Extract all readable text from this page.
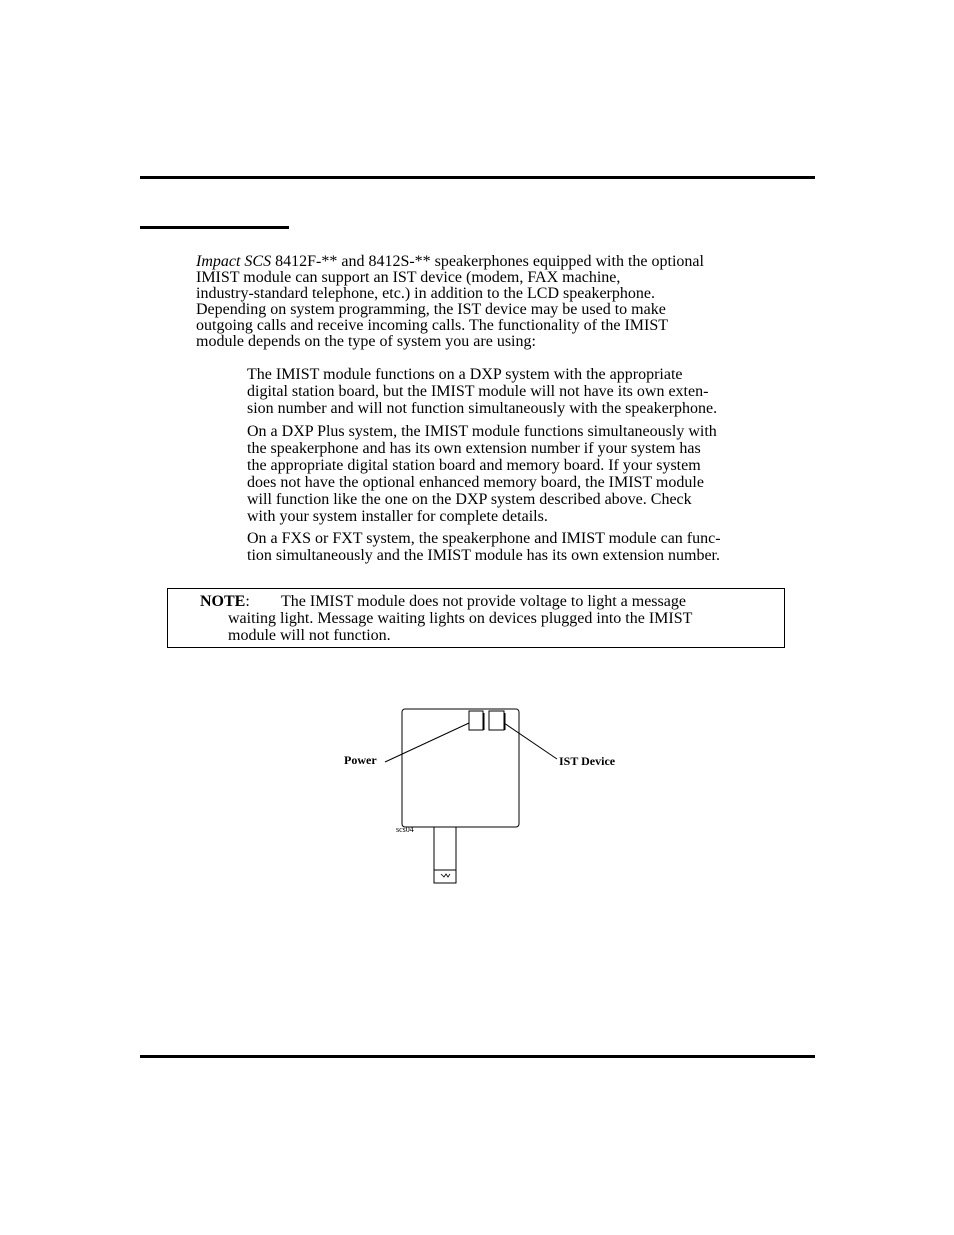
Impact SCS 8412F-** and 8412S-** speakerphones equipped with the optional
IMIST module can support an IST device (modem, FAX machine,
industry-standard telephone, etc.) in addition to the LCD speakerphone.
Depending on system programming, the IST device may be used to make
outgoing calls and receive incoming calls. The functionality of the IMIST
module depends on the type of system you are using:

The IMIST module functions on a DXP system with the appropriate
digital station board, but the IMIST module will not have its own exten-
sion number and will not function simultaneously with the speakerphone.

On a DXP Plus system, the IMIST module functions simultaneously with
the speakerphone and has its own extension number if your system has
the appropriate digital station board and memory board. If your system
does not have the optional enhanced memory board, the IMIST module
will function like the one on the DXP system described above. Check
with your system installer for complete details.

On a FXS or FXT system, the speakerphone and IMIST module can func-
tion simultaneously and the IMIST module has its own extension number.

NOTE: The IMIST module does not provide voltage to light a message
waiting light. Message waiting lights on devices plugged into the IMIST
module will not function.
Power	IST Device
scs04
